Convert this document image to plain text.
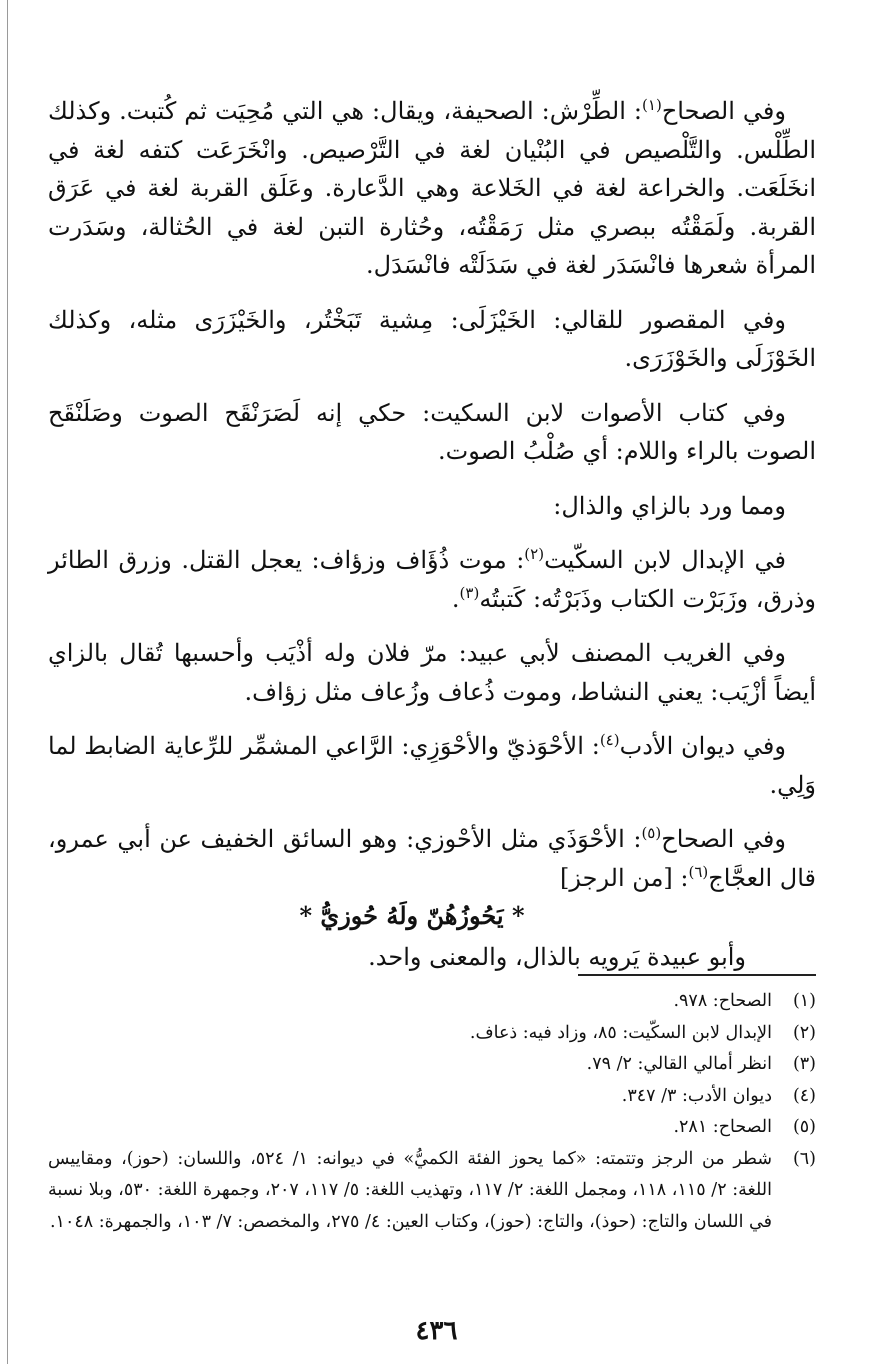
وفي الصحاح$^{(١)}$: الطِّرْش: الصحيفة، ويقال: هي التي مُحِيَت ثم كُتبت. وكذلك الطِّلْس. والتَّلْصيص في البُنْيان لغة في التَّرْصيص. وانْخَرَعَت كتفه لغة في انخَلَعَت. والخراعة لغة في الخَلاعة وهي الدَّعارة. وعَلَق القربة لغة في عَرَق القربة. ولَمَقْتُه ببصري مثل رَمَقْتُه، وحُثارة التبن لغة في الحُثالة، وسَدَرت المرأة شعرها فانْسَدَر لغة في سَدَلَتْه فانْسَدَل.

وفي المقصور للقالي: الخَيْزَلَى: مِشية تَبَخْتُر، والخَيْزَرَى مثله، وكذلك الخَوْزَلَى والخَوْزَرَى.

وفي كتاب الأصوات لابن السكيت: حكي إنه لَصَرَنْقَح الصوت وصَلَنْقَح الصوت بالراء واللام: أي صُلْبُ الصوت.

ومما ورد بالزاي والذال:

في الإبدال لابن السكّيت$^{(٢)}$: موت ذُؤَاف وزؤاف: يعجل القتل. وزرق الطائر وذرق، وزَبَرْت الكتاب وذَبَرْتُه: كَتبتُه$^{(٣)}$.

وفي الغريب المصنف لأبي عبيد: مرّ فلان وله أذْيَب وأحسبها تُقال بالزاي أيضاً أزْيَب: يعني النشاط، وموت ذُعاف وزُعاف مثل زؤاف.

وفي ديوان الأدب$^{(٤)}$: الأحْوَذيّ والأحْوَزِي: الرَّاعي المشمِّر للرِّعاية الضابط لما وَلِي.

وفي الصحاح$^{(٥)}$: الأحْوَذَي مثل الأحْوزي: وهو السائق الخفيف عن أبي عمرو، قال العجَّاج$^{(٦)}$: [من الرجز]

* يَحُوزُهُنّ ولَهُ حُوزيُّ *

وأبو عبيدة يَرويه بالذال، والمعنى واحد.

(١)
الصحاح: ٩٧٨.
(٢)
الإبدال لابن السكّيت: ٨٥، وزاد فيه: ذعاف.
(٣)
انظر أمالي القالي: ٢/ ٧٩.
(٤)
ديوان الأدب: ٣/ ٣٤٧.
(٥)
الصحاح: ٢٨١.
(٦)
شطر من الرجز وتتمته: «كما يحوز الفئة الكميُّ» في ديوانه: ١/ ٥٢٤، واللسان: (حوز)، ومقاييس اللغة: ٢/ ١١٥، ١١٨، ومجمل اللغة: ٢/ ١١٧، وتهذيب اللغة: ٥/ ١١٧، ٢٠٧، وجمهرة اللغة: ٥٣٠، وبلا نسبة في اللسان والتاج: (حوذ)، والتاج: (حوز)، وكتاب العين: ٤/ ٢٧٥، والمخصص: ٧/ ١٠٣، والجمهرة: ١٠٤٨.
٤٣٦
